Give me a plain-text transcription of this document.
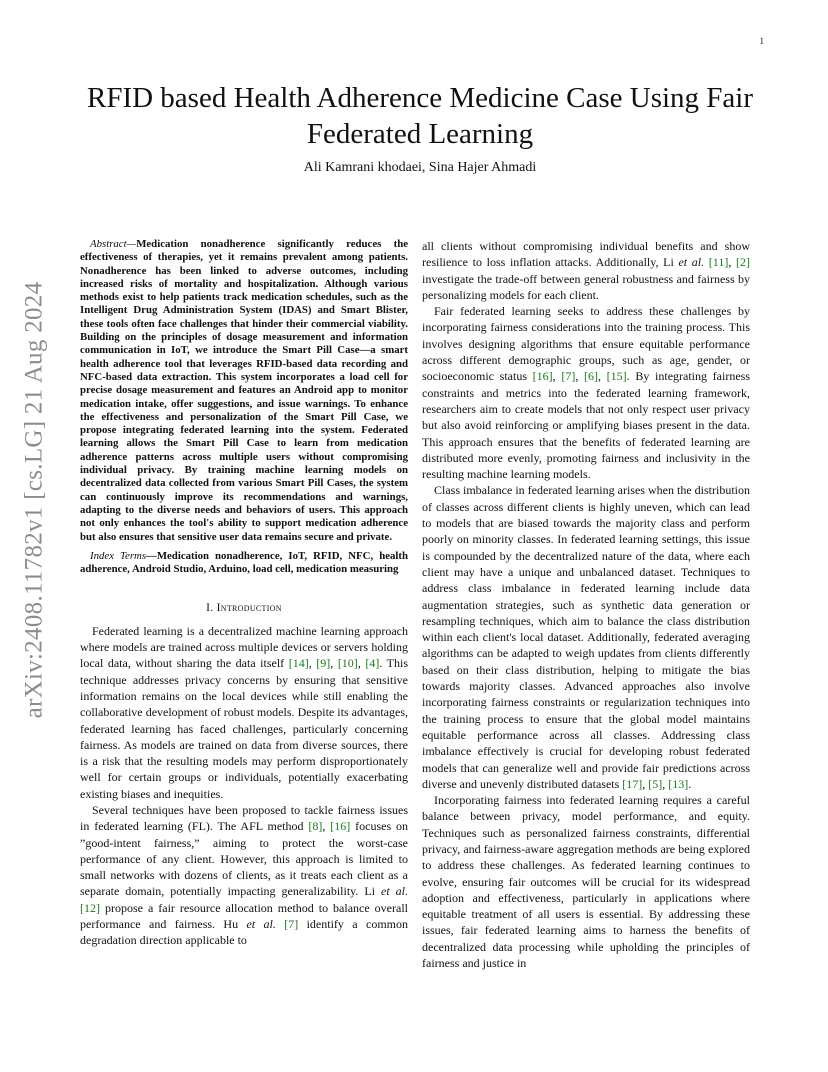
1
arXiv:2408.11782v1 [cs.LG] 21 Aug 2024
RFID based Health Adherence Medicine Case Using Fair Federated Learning
Ali Kamrani khodaei, Sina Hajer Ahmadi

Abstract—Medication nonadherence significantly reduces the effectiveness of therapies, yet it remains prevalent among patients. Nonadherence has been linked to adverse outcomes, including increased risks of mortality and hospitalization. Although various methods exist to help patients track medication schedules, such as the Intelligent Drug Administration System (IDAS) and Smart Blister, these tools often face challenges that hinder their commercial viability. Building on the principles of dosage measurement and information communication in IoT, we introduce the Smart Pill Case—a smart health adherence tool that leverages RFID-based data recording and NFC-based data extraction. This system incorporates a load cell for precise dosage measurement and features an Android app to monitor medication intake, offer suggestions, and issue warnings. To enhance the effectiveness and personalization of the Smart Pill Case, we propose integrating federated learning into the system. Federated learning allows the Smart Pill Case to learn from medication adherence patterns across multiple users without compromising individual privacy. By training machine learning models on decentralized data collected from various Smart Pill Cases, the system can continuously improve its recommendations and warnings, adapting to the diverse needs and behaviors of users. This approach not only enhances the tool's ability to support medication adherence but also ensures that sensitive user data remains secure and private.

Index Terms—Medication nonadherence, IoT, RFID, NFC, health adherence, Android Studio, Arduino, load cell, medication measuring

I. Introduction

Federated learning is a decentralized machine learning approach where models are trained across multiple devices or servers holding local data, without sharing the data itself [14], [9], [10], [4]. This technique addresses privacy concerns by ensuring that sensitive information remains on the local devices while still enabling the collaborative development of robust models. Despite its advantages, federated learning has faced challenges, particularly concerning fairness. As models are trained on data from diverse sources, there is a risk that the resulting models may perform disproportionately well for certain groups or individuals, potentially exacerbating existing biases and inequities.

Several techniques have been proposed to tackle fairness issues in federated learning (FL). The AFL method [8], [16] focuses on ”good-intent fairness,” aiming to protect the worst-case performance of any client. However, this approach is limited to small networks with dozens of clients, as it treats each client as a separate domain, potentially impacting generalizability. Li et al. [12] propose a fair resource allocation method to balance overall performance and fairness. Hu et al. [7] identify a common degradation direction applicable to

all clients without compromising individual benefits and show resilience to loss inflation attacks. Additionally, Li et al. [11], [2] investigate the trade-off between general robustness and fairness by personalizing models for each client.

Fair federated learning seeks to address these challenges by incorporating fairness considerations into the training process. This involves designing algorithms that ensure equitable performance across different demographic groups, such as age, gender, or socioeconomic status [16], [7], [6], [15]. By integrating fairness constraints and metrics into the federated learning framework, researchers aim to create models that not only respect user privacy but also avoid reinforcing or amplifying biases present in the data. This approach ensures that the benefits of federated learning are distributed more evenly, promoting fairness and inclusivity in the resulting machine learning models.

Class imbalance in federated learning arises when the distribution of classes across different clients is highly uneven, which can lead to models that are biased towards the majority class and perform poorly on minority classes. In federated learning settings, this issue is compounded by the decentralized nature of the data, where each client may have a unique and unbalanced dataset. Techniques to address class imbalance in federated learning include data augmentation strategies, such as synthetic data generation or resampling techniques, which aim to balance the class distribution within each client's local dataset. Additionally, federated averaging algorithms can be adapted to weigh updates from clients differently based on their class distribution, helping to mitigate the bias towards majority classes. Advanced approaches also involve incorporating fairness constraints or regularization techniques into the training process to ensure that the global model maintains equitable performance across all classes. Addressing class imbalance effectively is crucial for developing robust federated models that can generalize well and provide fair predictions across diverse and unevenly distributed datasets [17], [5], [13].

Incorporating fairness into federated learning requires a careful balance between privacy, model performance, and equity. Techniques such as personalized fairness constraints, differential privacy, and fairness-aware aggregation methods are being explored to address these challenges. As federated learning continues to evolve, ensuring fair outcomes will be crucial for its widespread adoption and effectiveness, particularly in applications where equitable treatment of all users is essential. By addressing these issues, fair federated learning aims to harness the benefits of decentralized data processing while upholding the principles of fairness and justice in
